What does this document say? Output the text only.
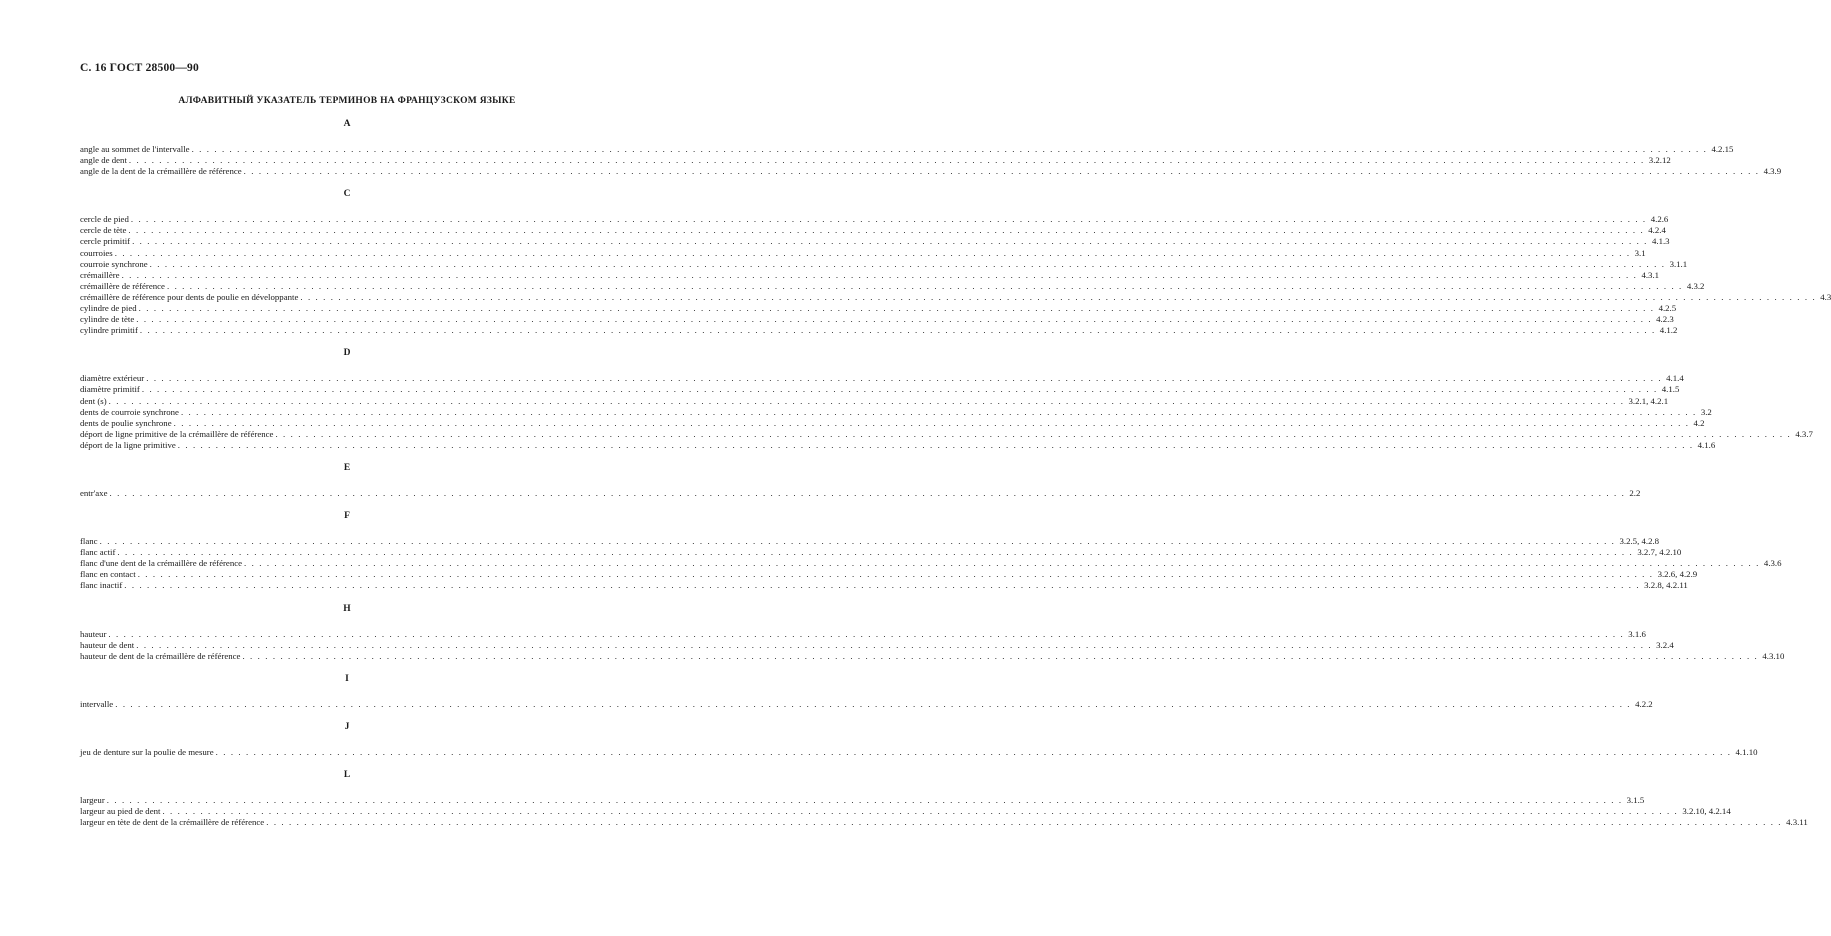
С. 16 ГОСТ 28500—90
АЛФАВИТНЫЙ УКАЗАТЕЛЬ ТЕРМИНОВ НА ФРАНЦУЗСКОМ ЯЗЫКЕ
A
angle au sommet de l'intervalle . . . . . . . . . . . . . . . . . . . . . . . . . . . . . . . . . . . . . . . . . . . . . . . . . . . . . . . . . . . . . . . . . . . . . . . . . . . . . . . . . . . . . . . . . . . . . . . . . . . . . . . . . . . . . . . . . . . . . . . . . . . . . . . . . . . . . . . . . . . . . . . . . . . . . . . . . . . . . . . . . . . . . . . . . . . . . . . . . . . . . . . . . . . . . . . . . . . . . . . . 4.2.15
angle de dent . . . . . . . . . . . . . . . . . . . . . . . . . . . . . . . . . . . . . . . . . . . . . . . . . . . . . . . . . . . . . . . . . . . . . . . . . . . . . . . . . . . . . . . . . . . . . . . . . . . . . . . . . . . . . . . . . . . . . . . . . . . . . . . . . . . . . . . . . . . . . . . . . . . . . . . . . . . . . . . . . . . . . . . . . . . . . . . . . . . . . . . . . . . . . . . . . . . . . . . . 3.2.12
angle de la dent de la crémaillère de référence . . . . . . . . . . . . . . . . . . . . . . . . . . . . . . . . . . . . . . . . . . . . . . . . . . . . . . . . . . . . . . . . . . . . . . . . . . . . . . . . . . . . . . . . . . . . . . . . . . . . . . . . . . . . . . . . . . . . . . . . . . . . . . . . . . . . . . . . . . . . . . . . . . . . . . . . . . . . . . . . . . . . . . . . . . . . . . . . . . . . . . . . . . . . . . . . . . . . . . . . 4.3.9
C
cercle de pied . . . . . . . . . . . . . . . . . . . . . . . . . . . . . . . . . . . . . . . . . . . . . . . . . . . . . . . . . . . . . . . . . . . . . . . . . . . . . . . . . . . . . . . . . . . . . . . . . . . . . . . . . . . . . . . . . . . . . . . . . . . . . . . . . . . . . . . . . . . . . . . . . . . . . . . . . . . . . . . . . . . . . . . . . . . . . . . . . . . . . . . . . . . . . . . . . . . . . . . . 4.2.6
cercle de tète . . . . . . . . . . . . . . . . . . . . . . . . . . . . . . . . . . . . . . . . . . . . . . . . . . . . . . . . . . . . . . . . . . . . . . . . . . . . . . . . . . . . . . . . . . . . . . . . . . . . . . . . . . . . . . . . . . . . . . . . . . . . . . . . . . . . . . . . . . . . . . . . . . . . . . . . . . . . . . . . . . . . . . . . . . . . . . . . . . . . . . . . . . . . . . . . . . . . . . . . 4.2.4
cercle primitif . . . . . . . . . . . . . . . . . . . . . . . . . . . . . . . . . . . . . . . . . . . . . . . . . . . . . . . . . . . . . . . . . . . . . . . . . . . . . . . . . . . . . . . . . . . . . . . . . . . . . . . . . . . . . . . . . . . . . . . . . . . . . . . . . . . . . . . . . . . . . . . . . . . . . . . . . . . . . . . . . . . . . . . . . . . . . . . . . . . . . . . . . . . . . . . . . . . . . . . . 4.1.3
courroies . . . . . . . . . . . . . . . . . . . . . . . . . . . . . . . . . . . . . . . . . . . . . . . . . . . . . . . . . . . . . . . . . . . . . . . . . . . . . . . . . . . . . . . . . . . . . . . . . . . . . . . . . . . . . . . . . . . . . . . . . . . . . . . . . . . . . . . . . . . . . . . . . . . . . . . . . . . . . . . . . . . . . . . . . . . . . . . . . . . . . . . . . . . . . . . . . . . . . . . . 3.1
courroie synchrone . . . . . . . . . . . . . . . . . . . . . . . . . . . . . . . . . . . . . . . . . . . . . . . . . . . . . . . . . . . . . . . . . . . . . . . . . . . . . . . . . . . . . . . . . . . . . . . . . . . . . . . . . . . . . . . . . . . . . . . . . . . . . . . . . . . . . . . . . . . . . . . . . . . . . . . . . . . . . . . . . . . . . . . . . . . . . . . . . . . . . . . . . . . . . . . . . . . . . . . . 3.1.1
crémaillère . . . . . . . . . . . . . . . . . . . . . . . . . . . . . . . . . . . . . . . . . . . . . . . . . . . . . . . . . . . . . . . . . . . . . . . . . . . . . . . . . . . . . . . . . . . . . . . . . . . . . . . . . . . . . . . . . . . . . . . . . . . . . . . . . . . . . . . . . . . . . . . . . . . . . . . . . . . . . . . . . . . . . . . . . . . . . . . . . . . . . . . . . . . . . . . . . . . . . . . . 4.3.1
crémaillère de référence . . . . . . . . . . . . . . . . . . . . . . . . . . . . . . . . . . . . . . . . . . . . . . . . . . . . . . . . . . . . . . . . . . . . . . . . . . . . . . . . . . . . . . . . . . . . . . . . . . . . . . . . . . . . . . . . . . . . . . . . . . . . . . . . . . . . . . . . . . . . . . . . . . . . . . . . . . . . . . . . . . . . . . . . . . . . . . . . . . . . . . . . . . . . . . . . . . . . . . . . 4.3.2
crémaillère de référence pour dents de poulie en développante . . . . . . . . . . . . . . . . . . . . . . . . . . . . . . . . . . . . . . . . . . . . . . . . . . . . . . . . . . . . . . . . . . . . . . . . . . . . . . . . . . . . . . . . . . . . . . . . . . . . . . . . . . . . . . . . . . . . . . . . . . . . . . . . . . . . . . . . . . . . . . . . . . . . . . . . . . . . . . . . . . . . . . . . . . . . . . . . . . . . . . . . . . . . . . . . . . . . . . . . 4.3
cylindre de pied . . . . . . . . . . . . . . . . . . . . . . . . . . . . . . . . . . . . . . . . . . . . . . . . . . . . . . . . . . . . . . . . . . . . . . . . . . . . . . . . . . . . . . . . . . . . . . . . . . . . . . . . . . . . . . . . . . . . . . . . . . . . . . . . . . . . . . . . . . . . . . . . . . . . . . . . . . . . . . . . . . . . . . . . . . . . . . . . . . . . . . . . . . . . . . . . . . . . . . . . 4.2.5
cylindre de tète . . . . . . . . . . . . . . . . . . . . . . . . . . . . . . . . . . . . . . . . . . . . . . . . . . . . . . . . . . . . . . . . . . . . . . . . . . . . . . . . . . . . . . . . . . . . . . . . . . . . . . . . . . . . . . . . . . . . . . . . . . . . . . . . . . . . . . . . . . . . . . . . . . . . . . . . . . . . . . . . . . . . . . . . . . . . . . . . . . . . . . . . . . . . . . . . . . . . . . . . 4.2.3
cylindre primitif . . . . . . . . . . . . . . . . . . . . . . . . . . . . . . . . . . . . . . . . . . . . . . . . . . . . . . . . . . . . . . . . . . . . . . . . . . . . . . . . . . . . . . . . . . . . . . . . . . . . . . . . . . . . . . . . . . . . . . . . . . . . . . . . . . . . . . . . . . . . . . . . . . . . . . . . . . . . . . . . . . . . . . . . . . . . . . . . . . . . . . . . . . . . . . . . . . . . . . . . 4.1.2
D
diamètre extérieur . . . . . . . . . . . . . . . . . . . . . . . . . . . . . . . . . . . . . . . . . . . . . . . . . . . . . . . . . . . . . . . . . . . . . . . . . . . . . . . . . . . . . . . . . . . . . . . . . . . . . . . . . . . . . . . . . . . . . . . . . . . . . . . . . . . . . . . . . . . . . . . . . . . . . . . . . . . . . . . . . . . . . . . . . . . . . . . . . . . . . . . . . . . . . . . . . . . . . . . . 4.1.4
diamètre primitif . . . . . . . . . . . . . . . . . . . . . . . . . . . . . . . . . . . . . . . . . . . . . . . . . . . . . . . . . . . . . . . . . . . . . . . . . . . . . . . . . . . . . . . . . . . . . . . . . . . . . . . . . . . . . . . . . . . . . . . . . . . . . . . . . . . . . . . . . . . . . . . . . . . . . . . . . . . . . . . . . . . . . . . . . . . . . . . . . . . . . . . . . . . . . . . . . . . . . . . . 4.1.5
dent (s) . . . . . . . . . . . . . . . . . . . . . . . . . . . . . . . . . . . . . . . . . . . . . . . . . . . . . . . . . . . . . . . . . . . . . . . . . . . . . . . . . . . . . . . . . . . . . . . . . . . . . . . . . . . . . . . . . . . . . . . . . . . . . . . . . . . . . . . . . . . . . . . . . . . . . . . . . . . . . . . . . . . . . . . . . . . . . . . . . . . . . . . . . . . . . . . . . . . . . . . . 3.2.1, 4.2.1
dents de courroie synchrone . . . . . . . . . . . . . . . . . . . . . . . . . . . . . . . . . . . . . . . . . . . . . . . . . . . . . . . . . . . . . . . . . . . . . . . . . . . . . . . . . . . . . . . . . . . . . . . . . . . . . . . . . . . . . . . . . . . . . . . . . . . . . . . . . . . . . . . . . . . . . . . . . . . . . . . . . . . . . . . . . . . . . . . . . . . . . . . . . . . . . . . . . . . . . . . . . . . . . . . . 3.2
dents de poulie synchrone . . . . . . . . . . . . . . . . . . . . . . . . . . . . . . . . . . . . . . . . . . . . . . . . . . . . . . . . . . . . . . . . . . . . . . . . . . . . . . . . . . . . . . . . . . . . . . . . . . . . . . . . . . . . . . . . . . . . . . . . . . . . . . . . . . . . . . . . . . . . . . . . . . . . . . . . . . . . . . . . . . . . . . . . . . . . . . . . . . . . . . . . . . . . . . . . . . . . . . . . 4.2
déport de ligne primitive de la crémaillère de référence . . . . . . . . . . . . . . . . . . . . . . . . . . . . . . . . . . . . . . . . . . . . . . . . . . . . . . . . . . . . . . . . . . . . . . . . . . . . . . . . . . . . . . . . . . . . . . . . . . . . . . . . . . . . . . . . . . . . . . . . . . . . . . . . . . . . . . . . . . . . . . . . . . . . . . . . . . . . . . . . . . . . . . . . . . . . . . . . . . . . . . . . . . . . . . . . . . . . . . . . 4.3.7
déport de la ligne primitive . . . . . . . . . . . . . . . . . . . . . . . . . . . . . . . . . . . . . . . . . . . . . . . . . . . . . . . . . . . . . . . . . . . . . . . . . . . . . . . . . . . . . . . . . . . . . . . . . . . . . . . . . . . . . . . . . . . . . . . . . . . . . . . . . . . . . . . . . . . . . . . . . . . . . . . . . . . . . . . . . . . . . . . . . . . . . . . . . . . . . . . . . . . . . . . . . . . . . . . . 4.1.6
E
entr'axe . . . . . . . . . . . . . . . . . . . . . . . . . . . . . . . . . . . . . . . . . . . . . . . . . . . . . . . . . . . . . . . . . . . . . . . . . . . . . . . . . . . . . . . . . . . . . . . . . . . . . . . . . . . . . . . . . . . . . . . . . . . . . . . . . . . . . . . . . . . . . . . . . . . . . . . . . . . . . . . . . . . . . . . . . . . . . . . . . . . . . . . . . . . . . . . . . . . . . . . . 2.2
F
flanc . . . . . . . . . . . . . . . . . . . . . . . . . . . . . . . . . . . . . . . . . . . . . . . . . . . . . . . . . . . . . . . . . . . . . . . . . . . . . . . . . . . . . . . . . . . . . . . . . . . . . . . . . . . . . . . . . . . . . . . . . . . . . . . . . . . . . . . . . . . . . . . . . . . . . . . . . . . . . . . . . . . . . . . . . . . . . . . . . . . . . . . . . . . . . . . . . . . . . . . . 3.2.5, 4.2.8
flanc actif . . . . . . . . . . . . . . . . . . . . . . . . . . . . . . . . . . . . . . . . . . . . . . . . . . . . . . . . . . . . . . . . . . . . . . . . . . . . . . . . . . . . . . . . . . . . . . . . . . . . . . . . . . . . . . . . . . . . . . . . . . . . . . . . . . . . . . . . . . . . . . . . . . . . . . . . . . . . . . . . . . . . . . . . . . . . . . . . . . . . . . . . . . . . . . . . . . . . . . . . 3.2.7, 4.2.10
flanc d'une dent de la crémaillère de référence . . . . . . . . . . . . . . . . . . . . . . . . . . . . . . . . . . . . . . . . . . . . . . . . . . . . . . . . . . . . . . . . . . . . . . . . . . . . . . . . . . . . . . . . . . . . . . . . . . . . . . . . . . . . . . . . . . . . . . . . . . . . . . . . . . . . . . . . . . . . . . . . . . . . . . . . . . . . . . . . . . . . . . . . . . . . . . . . . . . . . . . . . . . . . . . . . . . . . . . . 4.3.6
flanc en contact . . . . . . . . . . . . . . . . . . . . . . . . . . . . . . . . . . . . . . . . . . . . . . . . . . . . . . . . . . . . . . . . . . . . . . . . . . . . . . . . . . . . . . . . . . . . . . . . . . . . . . . . . . . . . . . . . . . . . . . . . . . . . . . . . . . . . . . . . . . . . . . . . . . . . . . . . . . . . . . . . . . . . . . . . . . . . . . . . . . . . . . . . . . . . . . . . . . . . . . . 3.2.6, 4.2.9
flanc inactif . . . . . . . . . . . . . . . . . . . . . . . . . . . . . . . . . . . . . . . . . . . . . . . . . . . . . . . . . . . . . . . . . . . . . . . . . . . . . . . . . . . . . . . . . . . . . . . . . . . . . . . . . . . . . . . . . . . . . . . . . . . . . . . . . . . . . . . . . . . . . . . . . . . . . . . . . . . . . . . . . . . . . . . . . . . . . . . . . . . . . . . . . . . . . . . . . . . . . . . . 3.2.8, 4.2.11
H
hauteur . . . . . . . . . . . . . . . . . . . . . . . . . . . . . . . . . . . . . . . . . . . . . . . . . . . . . . . . . . . . . . . . . . . . . . . . . . . . . . . . . . . . . . . . . . . . . . . . . . . . . . . . . . . . . . . . . . . . . . . . . . . . . . . . . . . . . . . . . . . . . . . . . . . . . . . . . . . . . . . . . . . . . . . . . . . . . . . . . . . . . . . . . . . . . . . . . . . . . . . . 3.1.6
hauteur de dent . . . . . . . . . . . . . . . . . . . . . . . . . . . . . . . . . . . . . . . . . . . . . . . . . . . . . . . . . . . . . . . . . . . . . . . . . . . . . . . . . . . . . . . . . . . . . . . . . . . . . . . . . . . . . . . . . . . . . . . . . . . . . . . . . . . . . . . . . . . . . . . . . . . . . . . . . . . . . . . . . . . . . . . . . . . . . . . . . . . . . . . . . . . . . . . . . . . . . . . . 3.2.4
hauteur de dent de la crémaillère de référence . . . . . . . . . . . . . . . . . . . . . . . . . . . . . . . . . . . . . . . . . . . . . . . . . . . . . . . . . . . . . . . . . . . . . . . . . . . . . . . . . . . . . . . . . . . . . . . . . . . . . . . . . . . . . . . . . . . . . . . . . . . . . . . . . . . . . . . . . . . . . . . . . . . . . . . . . . . . . . . . . . . . . . . . . . . . . . . . . . . . . . . . . . . . . . . . . . . . . . . . 4.3.10
I
intervalle . . . . . . . . . . . . . . . . . . . . . . . . . . . . . . . . . . . . . . . . . . . . . . . . . . . . . . . . . . . . . . . . . . . . . . . . . . . . . . . . . . . . . . . . . . . . . . . . . . . . . . . . . . . . . . . . . . . . . . . . . . . . . . . . . . . . . . . . . . . . . . . . . . . . . . . . . . . . . . . . . . . . . . . . . . . . . . . . . . . . . . . . . . . . . . . . . . . . . . . . 4.2.2
J
jeu de denture sur la poulie de mesure . . . . . . . . . . . . . . . . . . . . . . . . . . . . . . . . . . . . . . . . . . . . . . . . . . . . . . . . . . . . . . . . . . . . . . . . . . . . . . . . . . . . . . . . . . . . . . . . . . . . . . . . . . . . . . . . . . . . . . . . . . . . . . . . . . . . . . . . . . . . . . . . . . . . . . . . . . . . . . . . . . . . . . . . . . . . . . . . . . . . . . . . . . . . . . . . . . . . . . . . 4.1.10
L
largeur . . . . . . . . . . . . . . . . . . . . . . . . . . . . . . . . . . . . . . . . . . . . . . . . . . . . . . . . . . . . . . . . . . . . . . . . . . . . . . . . . . . . . . . . . . . . . . . . . . . . . . . . . . . . . . . . . . . . . . . . . . . . . . . . . . . . . . . . . . . . . . . . . . . . . . . . . . . . . . . . . . . . . . . . . . . . . . . . . . . . . . . . . . . . . . . . . . . . . . . . 3.1.5
largeur au pied de dent . . . . . . . . . . . . . . . . . . . . . . . . . . . . . . . . . . . . . . . . . . . . . . . . . . . . . . . . . . . . . . . . . . . . . . . . . . . . . . . . . . . . . . . . . . . . . . . . . . . . . . . . . . . . . . . . . . . . . . . . . . . . . . . . . . . . . . . . . . . . . . . . . . . . . . . . . . . . . . . . . . . . . . . . . . . . . . . . . . . . . . . . . . . . . . . . . . . . . . . . 3.2.10, 4.2.14
largeur en tète de dent de la crémaillère de référence . . . . . . . . . . . . . . . . . . . . . . . . . . . . . . . . . . . . . . . . . . . . . . . . . . . . . . . . . . . . . . . . . . . . . . . . . . . . . . . . . . . . . . . . . . . . . . . . . . . . . . . . . . . . . . . . . . . . . . . . . . . . . . . . . . . . . . . . . . . . . . . . . . . . . . . . . . . . . . . . . . . . . . . . . . . . . . . . . . . . . . . . . . . . . . . . . . . . . . . . 4.3.11
